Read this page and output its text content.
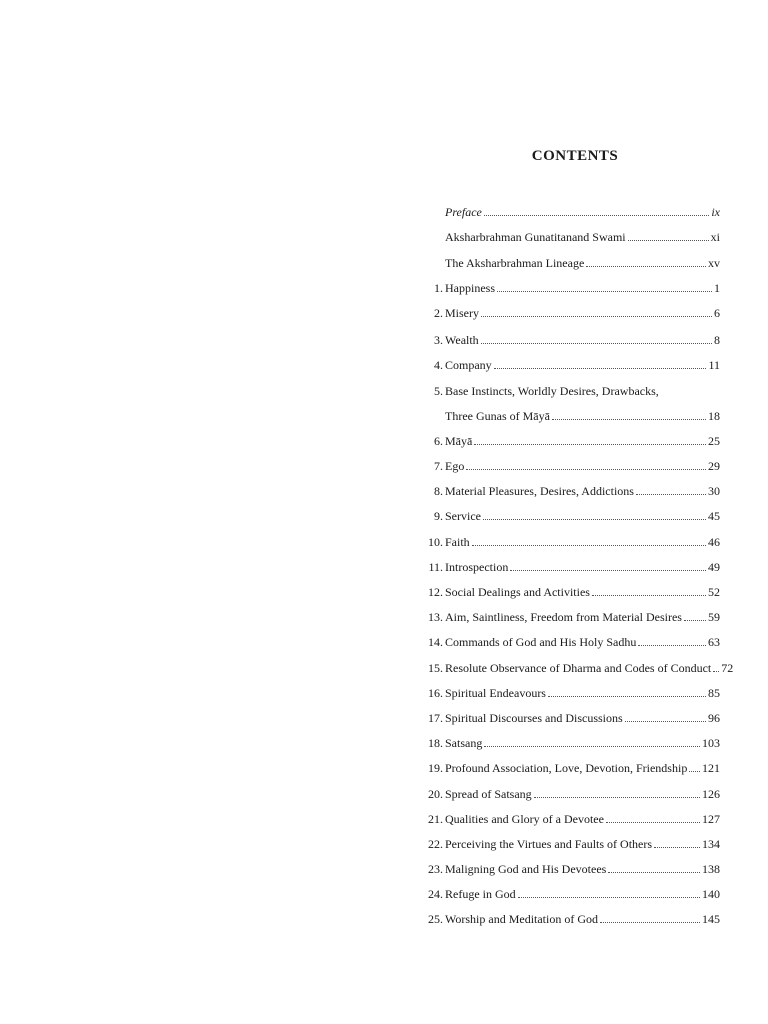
CONTENTS
Preface	ix
Aksharbrahman Gunatitanand Swami	xi
The Aksharbrahman Lineage	xv
1. Happiness	1
2. Misery	6
3. Wealth	8
4. Company	11
5. Base Instincts, Worldly Desires, Drawbacks,
Three Gunas of Māyā	18
6. Māyā	25
7. Ego	29
8. Material Pleasures, Desires, Addictions	30
9. Service	45
10. Faith	46
11. Introspection	49
12. Social Dealings and Activities	52
13. Aim, Saintliness, Freedom from Material Desires 59
14. Commands of God and His Holy Sadhu	63
15. Resolute Observance of Dharma and Codes of Conduct 72
16. Spiritual Endeavours	85
17. Spiritual Discourses and Discussions	96
18. Satsang	103
19. Profound Association, Love, Devotion, Friendship 121
20. Spread of Satsang	126
21. Qualities and Glory of a Devotee	127
22. Perceiving the Virtues and Faults of Others	134
23. Maligning God and His Devotees	138
24. Refuge in God	140
25. Worship and Meditation of God	145
